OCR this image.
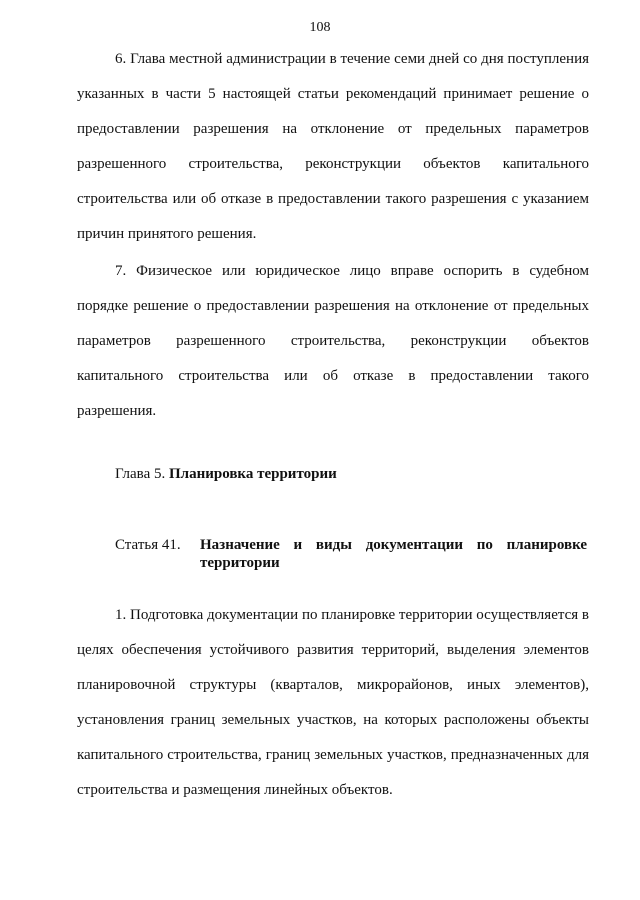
108

6. Глава местной администрации в течение семи дней со дня поступления указанных в части 5 настоящей статьи рекомендаций принимает решение о предоставлении разрешения на отклонение от предельных параметров разрешенного строительства, реконструкции объектов капитального строительства или об отказе в предоставлении такого разрешения с указанием причин принятого решения.

7. Физическое или юридическое лицо вправе оспорить в судебном порядке решение о предоставлении разрешения на отклонение от предельных параметров разрешенного строительства, реконструкции объектов капитального строительства или об отказе в предоставлении такого разрешения.

Глава 5. Планировка территории
Статья 41. Назначение и виды документации по планировке территории

1. Подготовка документации по планировке территории осуществляется в целях обеспечения устойчивого развития территорий, выделения элементов планировочной структуры (кварталов, микрорайонов, иных элементов), установления границ земельных участков, на которых расположены объекты капитального строительства, границ земельных участков, предназначенных для строительства и размещения линейных объектов.
